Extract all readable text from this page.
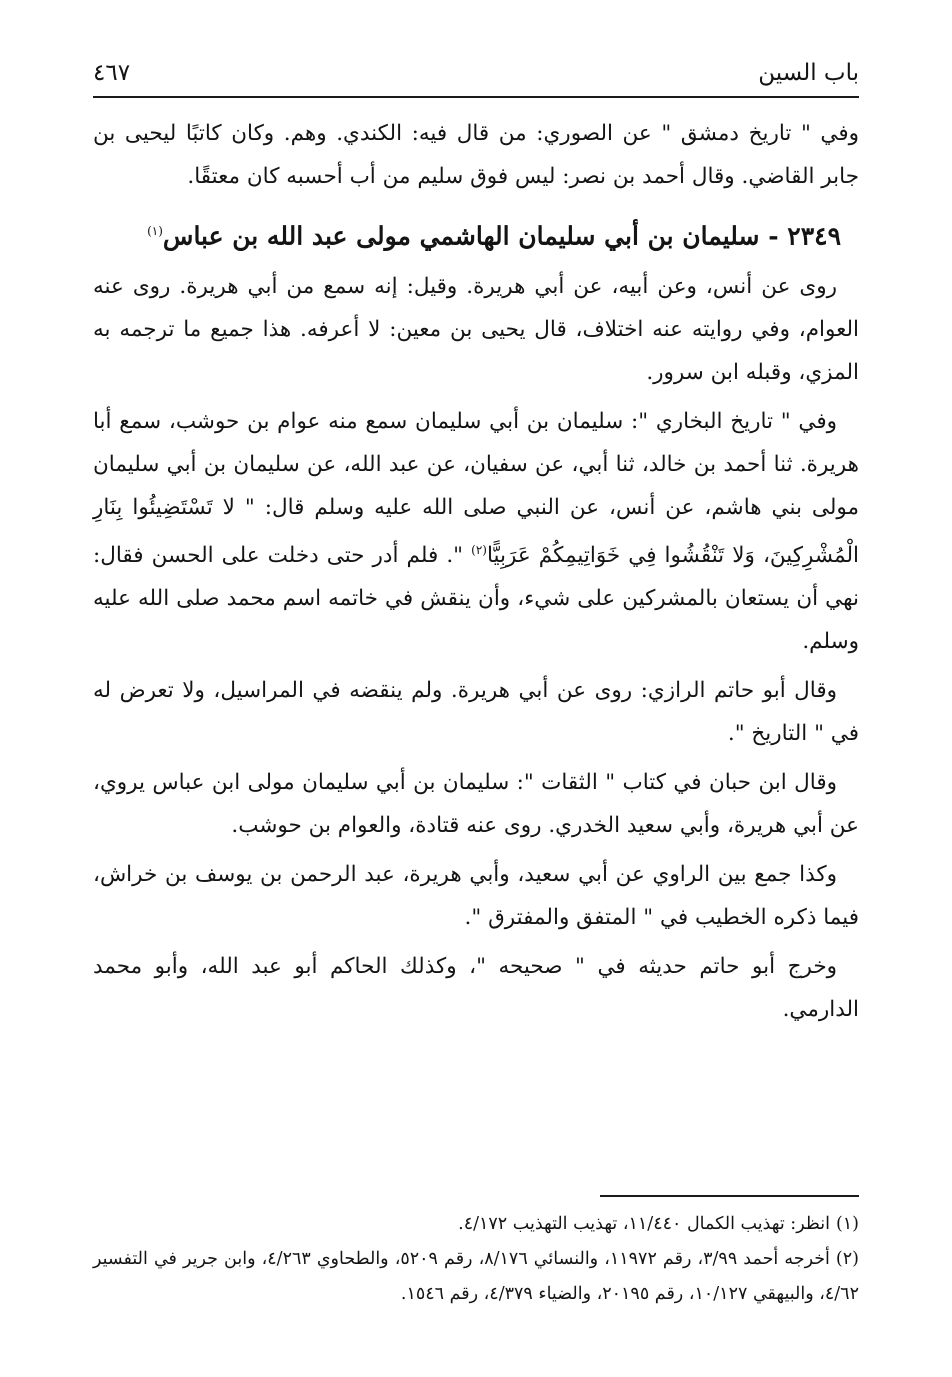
باب السين
٤٦٧

وفي " تاريخ دمشق " عن الصوري: من قال فيه: الكندي. وهم. وكان كاتبًا ليحيى بن جابر القاضي. وقال أحمد بن نصر: ليس فوق سليم من أب أحسبه كان معتقًا.

٢٣٤٩ - سليمان بن أبي سليمان الهاشمي مولى عبد الله بن عباس$^{(١)}$

روى عن أنس، وعن أبيه، عن أبي هريرة. وقيل: إنه سمع من أبي هريرة. روى عنه العوام، وفي روايته عنه اختلاف، قال يحيى بن معين: لا أعرفه. هذا جميع ما ترجمه به المزي، وقبله ابن سرور.

وفي " تاريخ البخاري ": سليمان بن أبي سليمان سمع منه عوام بن حوشب، سمع أبا هريرة. ثنا أحمد بن خالد، ثنا أبي، عن سفيان، عن عبد الله، عن سليمان بن أبي سليمان مولى بني هاشم، عن أنس، عن النبي صلى الله عليه وسلم قال: " لا تَسْتَضِيئُوا بِنَارِ الْمُشْرِكِينَ، وَلا تَنْقُشُوا فِي خَوَاتِيمِكُمْ عَرَبِيًّا$^{(٢)}$ ". فلم أدر حتى دخلت على الحسن فقال: نهي أن يستعان بالمشركين على شيء، وأن ينقش في خاتمه اسم محمد صلى الله عليه وسلم.

وقال أبو حاتم الرازي: روى عن أبي هريرة. ولم ينقضه في المراسيل، ولا تعرض له في " التاريخ ".

وقال ابن حبان في كتاب " الثقات ": سليمان بن أبي سليمان مولى ابن عباس يروي، عن أبي هريرة، وأبي سعيد الخدري. روى عنه قتادة، والعوام بن حوشب.

وكذا جمع بين الراوي عن أبي سعيد، وأبي هريرة، عبد الرحمن بن يوسف بن خراش، فيما ذكره الخطيب في " المتفق والمفترق ".

وخرج أبو حاتم حديثه في " صحيحه "، وكذلك الحاكم أبو عبد الله، وأبو محمد الدارمي.

(١)انظر: تهذيب الكمال ١١/٤٤٠، تهذيب التهذيب ٤/١٧٢.

(٢)أخرجه أحمد ٣/٩٩، رقم ١١٩٧٢، والنسائي ٨/١٧٦، رقم ٥٢٠٩، والطحاوي ٤/٢٦٣، وابن جرير في التفسير ٤/٦٢، والبيهقي ١٠/١٢٧، رقم ٢٠١٩٥، والضياء ٤/٣٧٩، رقم ١٥٤٦.
